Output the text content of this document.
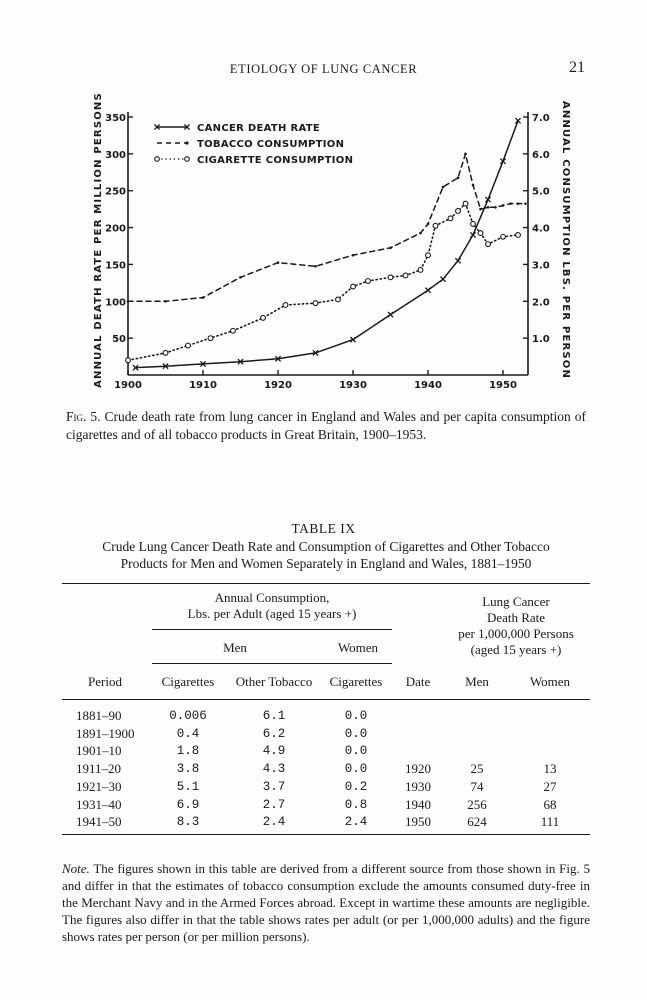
ETIOLOGY OF LUNG CANCER	21
350
300
250
200
150
100
50
7.0
6.0
5.0
4.0
3.0
2.0
1.0
1900	1910	1920	1930	1940	1950
CANCER DEATH RATE
TOBACCO CONSUMPTION
CIGARETTE CONSUMPTION
ANNUAL DEATH RATE PER MILLION PERSONS	ANNUAL CONSUMPTION LBS. PER PERSON
Fig. 5. Crude death rate from lung cancer in England and Wales and per capita consumption of cigarettes and of all tobacco products in Great Britain, 1900–1953.
TABLE IX
Crude Lung Cancer Death Rate and Consumption of Cigarettes and Other Tobacco
Products for Men and Women Separately in England and Wales, 1881–1950
Annual Consumption,
Lbs. per Adult (aged 15 years +)
Lung Cancer
Death Rate
per 1,000,000 Persons
(aged 15 years +)
Men	Women
Period	Cigarettes	Other Tobacco	Cigarettes	Date	Men	Women
1881–90	0.006	6.1	0.0
1891–1900	0.4	6.2	0.0
1901–10	1.8	4.9	0.0
1911–20	3.8	4.3	0.0	1920	25	13
1921–30	5.1	3.7	0.2	1930	74	27
1931–40	6.9	2.7	0.8	1940	256	68
1941–50	8.3	2.4	2.4	1950	624	111
Note. The figures shown in this table are derived from a different source from those shown in Fig. 5 and differ in that the estimates of tobacco consumption exclude the amounts consumed duty-free in the Merchant Navy and in the Armed Forces abroad. Except in wartime these amounts are negligible. The figures also differ in that the table shows rates per adult (or per 1,000,000 adults) and the figure shows rates per person (or per million persons).
